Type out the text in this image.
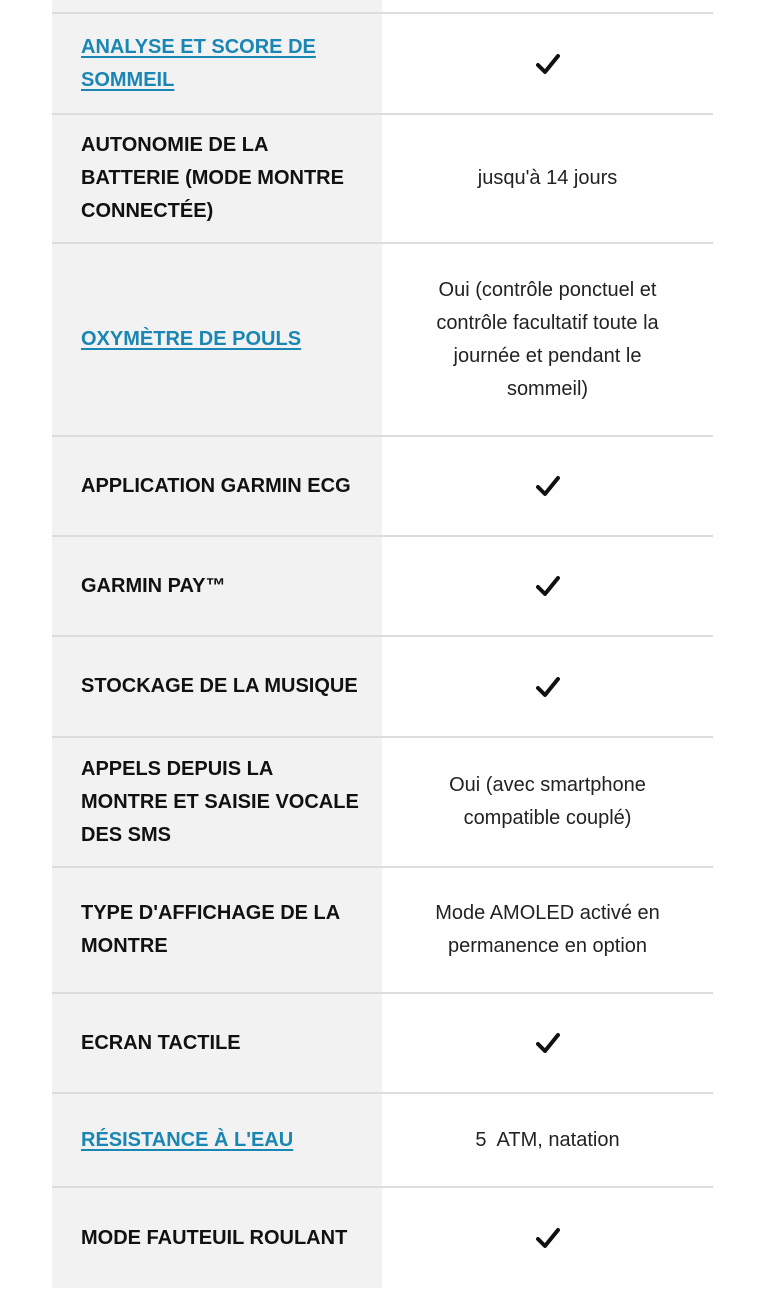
ANALYSE ET SCORE DE SOMMEIL
AUTONOMIE DE LA BATTERIE (MODE MONTRE CONNECTÉE)
jusqu'à 14 jours
OXYMÈTRE DE POULS
Oui (contrôle ponctuel et contrôle facultatif toute la journée et pendant le sommeil)
APPLICATION GARMIN ECG
GARMIN PAY™
STOCKAGE DE LA MUSIQUE
APPELS DEPUIS LA MONTRE ET SAISIE VOCALE DES SMS
Oui (avec smartphone compatible couplé)
TYPE D'AFFICHAGE DE LA MONTRE
Mode AMOLED activé en permanence en option
ECRAN TACTILE
RÉSISTANCE À L'EAU	5  ATM, natation
MODE FAUTEUIL ROULANT
